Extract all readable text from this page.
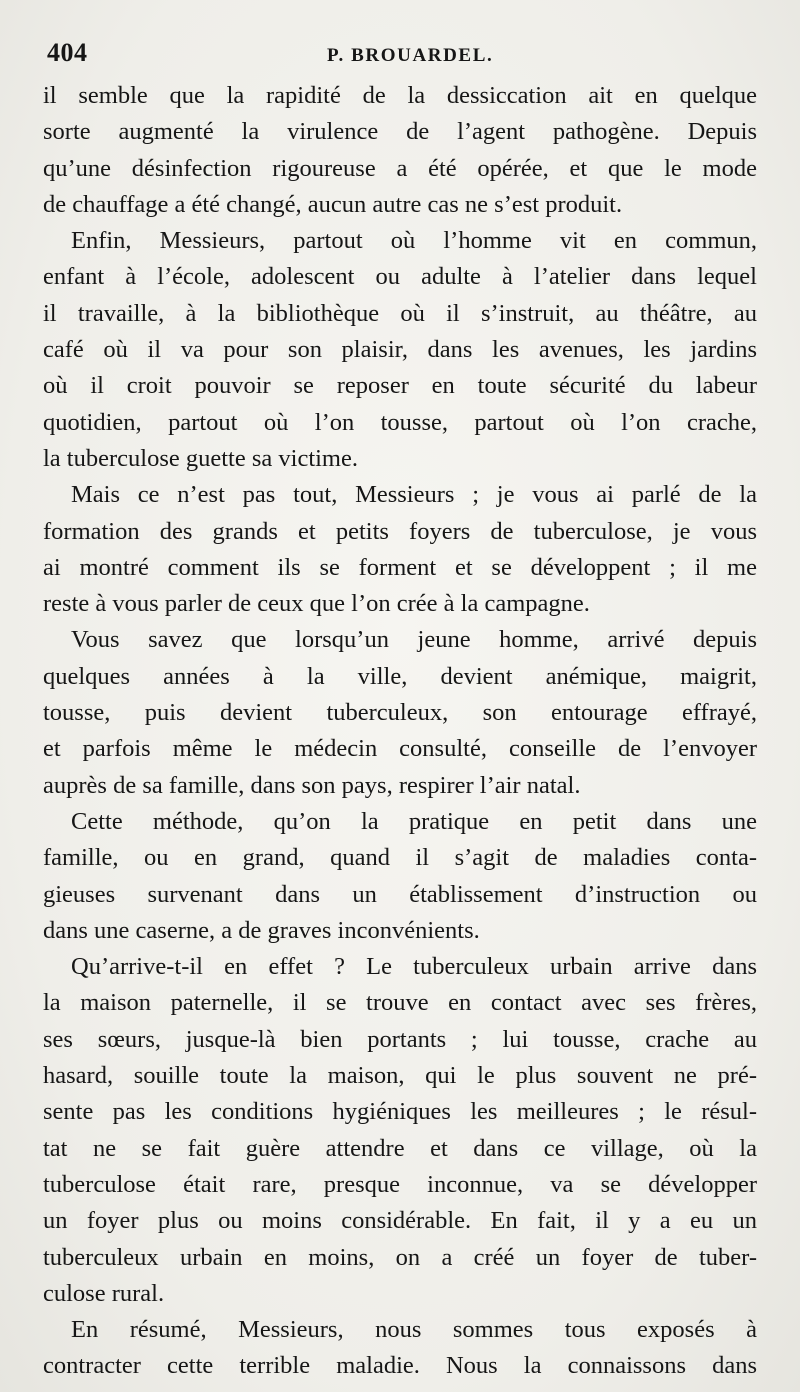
404	P. BROUARDEL.
il semble que la rapidité de la dessiccation ait en quelque
sorte augmenté la virulence de l’agent pathogène. Depuis
qu’une désinfection rigoureuse a été opérée, et que le mode
de chauffage a été changé, aucun autre cas ne s’est produit.
Enfin, Messieurs, partout où l’homme vit en commun,
enfant à l’école, adolescent ou adulte à l’atelier dans lequel
il travaille, à la bibliothèque où il s’instruit, au théâtre, au
café où il va pour son plaisir, dans les avenues, les jardins
où il croit pouvoir se reposer en toute sécurité du labeur
quotidien, partout où l’on tousse, partout où l’on crache,
la tuberculose guette sa victime.
Mais ce n’est pas tout, Messieurs ; je vous ai parlé de la
formation des grands et petits foyers de tuberculose, je vous
ai montré comment ils se forment et se développent ; il me
reste à vous parler de ceux que l’on crée à la campagne.
Vous savez que lorsqu’un jeune homme, arrivé depuis
quelques années à la ville, devient anémique, maigrit,
tousse, puis devient tuberculeux, son entourage effrayé,
et parfois même le médecin consulté, conseille de l’envoyer
auprès de sa famille, dans son pays, respirer l’air natal.
Cette méthode, qu’on la pratique en petit dans une
famille, ou en grand, quand il s’agit de maladies conta-
gieuses survenant dans un établissement d’instruction ou
dans une caserne, a de graves inconvénients.
Qu’arrive-t-il en effet ? Le tuberculeux urbain arrive dans
la maison paternelle, il se trouve en contact avec ses frères,
ses sœurs, jusque-là bien portants ; lui tousse, crache au
hasard, souille toute la maison, qui le plus souvent ne pré-
sente pas les conditions hygiéniques les meilleures ; le résul-
tat ne se fait guère attendre et dans ce village, où la
tuberculose était rare, presque inconnue, va se développer
un foyer plus ou moins considérable. En fait, il y a eu un
tuberculeux urbain en moins, on a créé un foyer de tuber-
culose rural.
En résumé, Messieurs, nous sommes tous exposés à
contracter cette terrible maladie. Nous la connaissons dans
